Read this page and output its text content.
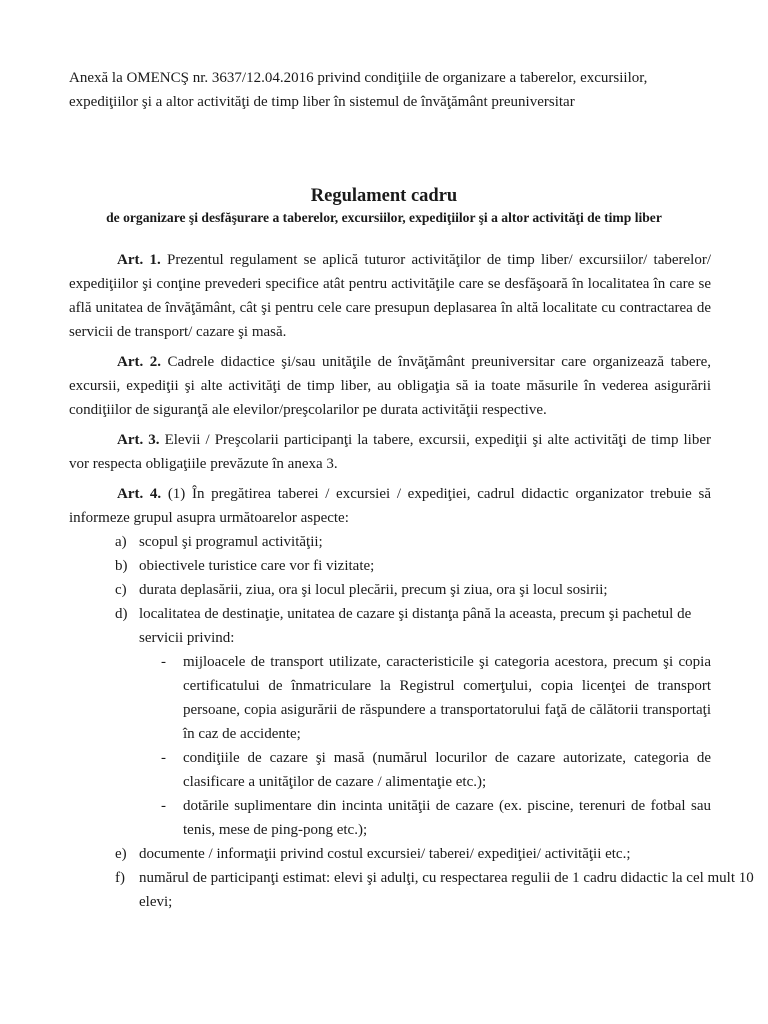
Anexă la OMENCŞ nr. 3637/12.04.2016 privind condiţiile de organizare a taberelor, excursiilor, expediţiilor şi a altor activităţi de timp liber în sistemul de învăţământ preuniversitar
Regulament cadru
de organizare şi desfăşurare a taberelor, excursiilor, expediţiilor şi a altor activităţi de timp liber

Art. 1. Prezentul regulament se aplică tuturor activităţilor de timp liber/ excursiilor/ taberelor/ expediţiilor şi conţine prevederi specifice atât pentru activităţile care se desfăşoară în localitatea în care se află unitatea de învăţământ, cât şi pentru cele care presupun deplasarea în altă localitate cu contractarea de servicii de transport/ cazare şi masă.

Art. 2. Cadrele didactice şi/sau unităţile de învăţământ preuniversitar care organizează tabere, excursii, expediţii şi alte activităţi de timp liber, au obligaţia să ia toate măsurile în vederea asigurării condiţiilor de siguranţă ale elevilor/preşcolarilor pe durata activităţii respective.

Art. 3. Elevii / Preşcolarii participanţi la tabere, excursii, expediţii şi alte activităţi de timp liber vor respecta obligaţiile prevăzute în anexa 3.

Art. 4. (1) În pregătirea taberei / excursiei / expediţiei, cadrul didactic organizator trebuie să informeze grupul asupra următoarelor aspecte:

a) scopul şi programul activităţii;
b) obiectivele turistice care vor fi vizitate;
c) durata deplasării, ziua, ora şi locul plecării, precum şi ziua, ora şi locul sosirii;
d) localitatea de destinaţie, unitatea de cazare şi distanţa până la aceasta, precum şi pachetul de servicii privind:
- mijloacele de transport utilizate, caracteristicile şi categoria acestora, precum şi copia certificatului de înmatriculare la Registrul comerţului, copia licenţei de transport persoane, copia asigurării de răspundere a transportatorului faţă de călătorii transportaţi în caz de accidente;
- condiţiile de cazare şi masă (numărul locurilor de cazare autorizate, categoria de clasificare a unităţilor de cazare / alimentaţie etc.);
- dotările suplimentare din incinta unităţii de cazare (ex. piscine, terenuri de fotbal sau tenis, mese de ping-pong etc.);
e) documente / informaţii privind costul excursiei/ taberei/ expediţiei/ activităţii etc.;
f) numărul de participanţi estimat: elevi şi adulţi, cu respectarea regulii de 1 cadru didactic la cel mult 10 elevi;
